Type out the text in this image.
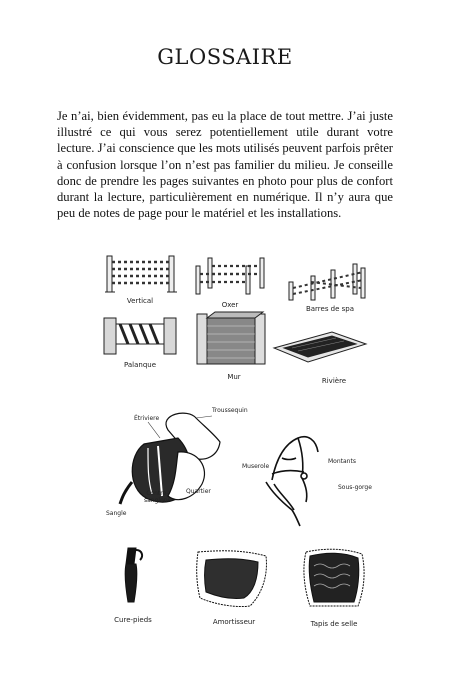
GLOSSAIRE
Je n’ai, bien évidemment, pas eu la place de tout mettre. J’ai juste illustré ce qui vous serez potentiellement utile durant votre lecture. J’ai conscience que les mots utilisés peuvent parfois prêter à confusion lorsque l’on n’est pas familier du milieu. Je conseille donc de prendre les pages suivantes en photo pour plus de confort durant la lecture, particulièrement en numérique. Il n’y aura que peu de notes de page pour le matériel et les installations.
Vertical	Oxer	Barres de spa
Palanque
Mur	Rivière
Étriviere
Troussequin
Contre-
sanglons
Quartier
Sangle
Montants
Muserole
Sous-gorge
Cure-pieds	Amortisseur	Tapis de selle
